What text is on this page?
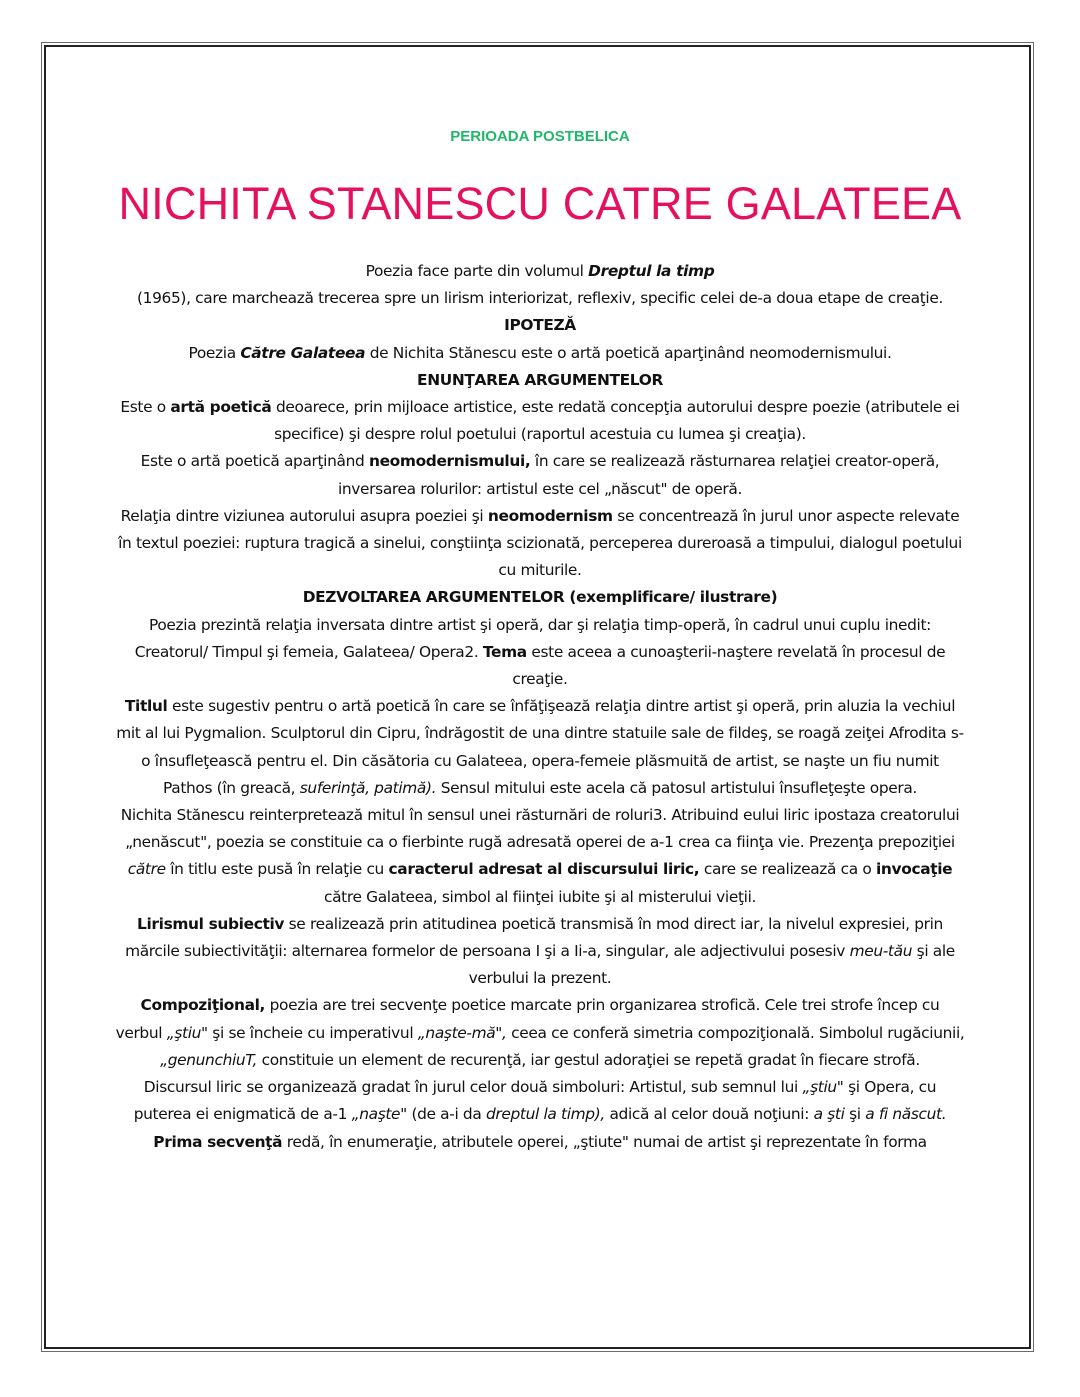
PERIOADA POSTBELICA
NICHITA STANESCU CATRE GALATEEA

Poezia face parte din volumul Dreptul la timp
(1965), care marchează trecerea spre un lirism interiorizat, reflexiv, specific celei de-a doua etape de creaţie.

IPOTEZĂ

Poezia Către Galateea de Nichita Stănescu este o artă poetică aparţinând neomodernismului.

ENUNŢAREA ARGUMENTELOR

Este o artă poetică deoarece, prin mijloace artistice, este redată concepţia autorului despre poezie (atributele ei specifice) şi despre rolul poetului (raportul acestuia cu lumea şi creaţia).

Este o artă poetică aparţinând neomodernismului, în care se realizează răsturnarea relaţiei creator-operă, inversarea rolurilor: artistul este cel „născut" de operă.

Relaţia dintre viziunea autorului asupra poeziei şi neomodernism se concentrează în jurul unor aspecte relevate în textul poeziei: ruptura tragică a sinelui, conştiinţa scizionată, perceperea dureroasă a timpului, dialogul poetului cu miturile.

DEZVOLTAREA ARGUMENTELOR (exemplificare/ ilustrare)

Poezia prezintă relaţia inversata dintre artist şi operă, dar şi relaţia timp-operă, în cadrul unui cuplu inedit: Creatorul/ Timpul şi femeia, Galateea/ Opera2. Tema este aceea a cunoaşterii-naştere revelată în procesul de creaţie.

Titlul este sugestiv pentru o artă poetică în care se înfăţişează relaţia dintre artist şi operă, prin aluzia la vechiul mit al lui Pygmalion. Sculptorul din Cipru, îndrăgostit de una dintre statuile sale de fildeş, se roagă zeiţei Afrodita s-o însufleţească pentru el. Din căsătoria cu Galateea, opera-femeie plăsmuită de artist, se naşte un fiu numit Pathos (în greacă, suferinţă, patimă). Sensul mitului este acela că patosul artistului însufleţeşte opera.

Nichita Stănescu reinterpretează mitul în sensul unei răsturnări de roluri3. Atribuind eului liric ipostaza creatorului „nenăscut", poezia se constituie ca o fierbinte rugă adresată operei de a-1 crea ca fiinţa vie. Prezenţa prepoziţiei către în titlu este pusă în relaţie cu caracterul adresat al discursului liric, care se realizează ca o invocaţie către Galateea, simbol al fiinţei iubite şi al misterului vieţii.

Lirismul subiectiv se realizează prin atitudinea poetică transmisă în mod direct iar, la nivelul expresiei, prin mărcile subiectivităţii: alternarea formelor de persoana I şi a Ii-a, singular, ale adjectivului posesiv meu-tău şi ale verbului la prezent.

Compoziţional, poezia are trei secvenţe poetice marcate prin organizarea strofică. Cele trei strofe încep cu verbul „ştiu" şi se încheie cu imperativul „naşte-mă", ceea ce conferă simetria compoziţională. Simbolul rugăciunii, „genunchiuT, constituie un element de recurenţă, iar gestul adoraţiei se repetă gradat în fiecare strofă.

Discursul liric se organizează gradat în jurul celor două simboluri: Artistul, sub semnul lui „ştiu" şi Opera, cu puterea ei enigmatică de a-1 „naşte" (de a-i da dreptul la timp), adică al celor două noţiuni: a şti şi a fi născut.

Prima secvenţă redă, în enumeraţie, atributele operei, „ştiute" numai de artist şi reprezentate în forma
